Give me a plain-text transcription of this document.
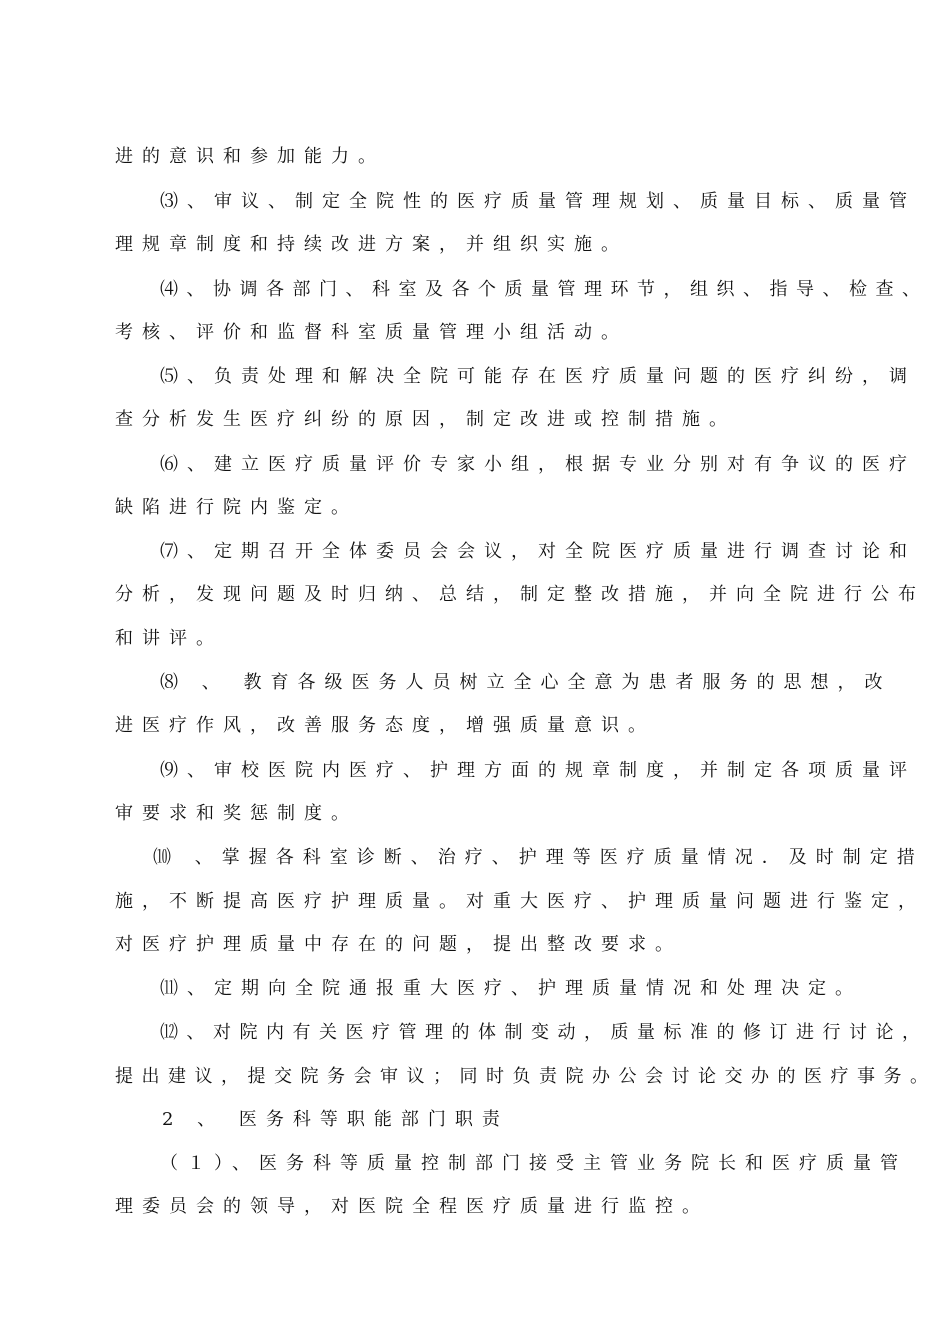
进的意识和参加能力。

⑶、审议、制定全院性的医疗质量管理规划、质量目标、质量管

理规章制度和持续改进方案，并组织实施。

⑷、协调各部门、科室及各个质量管理环节，组织、指导、检查、

考核、评价和监督科室质量管理小组活动。

⑸、负责处理和解决全院可能存在医疗质量问题的医疗纠纷，调

查分析发生医疗纠纷的原因，制定改进或控制措施。

⑹、建立医疗质量评价专家小组，根据专业分别对有争议的医疗

缺陷进行院内鉴定。

⑺、定期召开全体委员会会议，对全院医疗质量进行调查讨论和

分析，发现问题及时归纳、总结，制定整改措施，并向全院进行公布

和讲评。

⑻ 、 教育各级医务人员树立全心全意为患者服务的思想，改

进医疗作风，改善服务态度，增强质量意识。

⑼、审校医院内医疗、护理方面的规章制度，并制定各项质量评

审要求和奖惩制度。

⑽ 、掌握各科室诊断、治疗、护理等医疗质量情况．及时制定措

施，不断提高医疗护理质量。对重大医疗、护理质量问题进行鉴定，

对医疗护理质量中存在的问题，提出整改要求。

⑾、定期向全院通报重大医疗、护理质量情况和处理决定。

⑿、对院内有关医疗管理的体制变动，质量标准的修订进行讨论，

提出建议，提交院务会审议；同时负责院办公会讨论交办的医疗事务。

2 、 医务科等职能部门职责

（１）、医务科等质量控制部门接受主管业务院长和医疗质量管

理委员会的领导，对医院全程医疗质量进行监控。
